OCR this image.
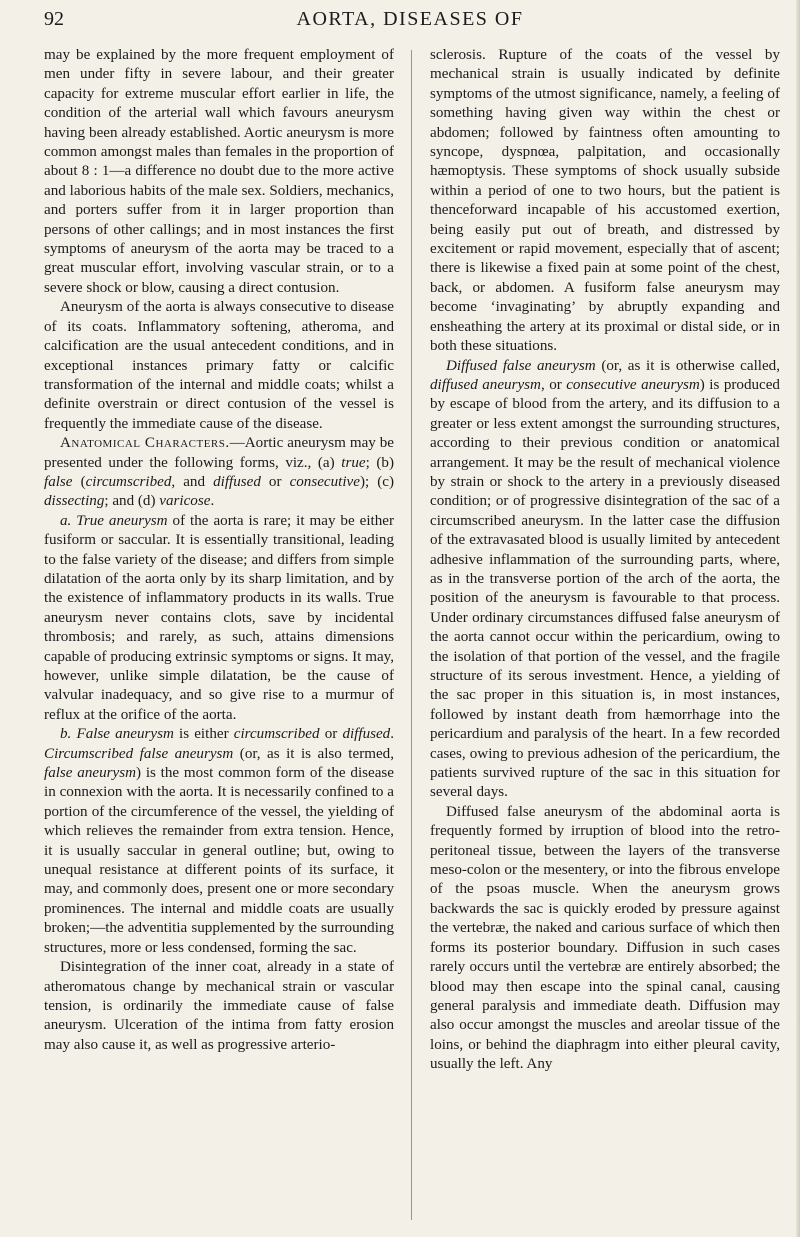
92	AORTA, DISEASES OF

may be explained by the more frequent employment of men under fifty in severe labour, and their greater capacity for extreme muscular effort earlier in life, the condition of the arterial wall which favours aneurysm having been already established. Aortic aneurysm is more common amongst males than females in the proportion of about 8 : 1—a difference no doubt due to the more active and laborious habits of the male sex. Soldiers, mechanics, and porters suffer from it in larger proportion than persons of other callings; and in most instances the first symptoms of aneurysm of the aorta may be traced to a great muscular effort, involving vascular strain, or to a severe shock or blow, causing a direct contusion.

Aneurysm of the aorta is always consecutive to disease of its coats. Inflammatory softening, atheroma, and calcification are the usual antecedent conditions, and in exceptional instances primary fatty or calcific transformation of the internal and middle coats; whilst a definite overstrain or direct contusion of the vessel is frequently the immediate cause of the disease.

Anatomical Characters.—Aortic aneurysm may be presented under the following forms, viz., (a) true; (b) false (circumscribed, and diffused or consecutive); (c) dissecting; and (d) varicose.

a. True aneurysm of the aorta is rare; it may be either fusiform or saccular. It is essentially transitional, leading to the false variety of the disease; and differs from simple dilatation of the aorta only by its sharp limitation, and by the existence of inflammatory products in its walls. True aneurysm never contains clots, save by incidental thrombosis; and rarely, as such, attains dimensions capable of producing extrinsic symptoms or signs. It may, however, unlike simple dilatation, be the cause of valvular inadequacy, and so give rise to a murmur of reflux at the orifice of the aorta.

b. False aneurysm is either circumscribed or diffused. Circumscribed false aneurysm (or, as it is also termed, false aneurysm) is the most common form of the disease in connexion with the aorta. It is necessarily confined to a portion of the circumference of the vessel, the yielding of which relieves the remainder from extra tension. Hence, it is usually saccular in general outline; but, owing to unequal resistance at different points of its surface, it may, and commonly does, present one or more secondary prominences. The internal and middle coats are usually broken;—the adventitia supplemented by the surrounding structures, more or less condensed, forming the sac.

Disintegration of the inner coat, already in a state of atheromatous change by mechanical strain or vascular tension, is ordinarily the immediate cause of false aneurysm. Ulceration of the intima from fatty erosion may also cause it, as well as progressive arterio-

sclerosis. Rupture of the coats of the vessel by mechanical strain is usually indicated by definite symptoms of the utmost significance, namely, a feeling of something having given way within the chest or abdomen; followed by faintness often amounting to syncope, dyspnœa, palpitation, and occasionally hæmoptysis. These symptoms of shock usually subside within a period of one to two hours, but the patient is thenceforward incapable of his accustomed exertion, being easily put out of breath, and distressed by excitement or rapid movement, especially that of ascent; there is likewise a fixed pain at some point of the chest, back, or abdomen. A fusiform false aneurysm may become ‘invaginating’ by abruptly expanding and ensheathing the artery at its proximal or distal side, or in both these situations.

Diffused false aneurysm (or, as it is otherwise called, diffused aneurysm, or consecutive aneurysm) is produced by escape of blood from the artery, and its diffusion to a greater or less extent amongst the surrounding structures, according to their previous condition or anatomical arrangement. It may be the result of mechanical violence by strain or shock to the artery in a previously diseased condition; or of progressive disintegration of the sac of a circumscribed aneurysm. In the latter case the diffusion of the extravasated blood is usually limited by antecedent adhesive inflammation of the surrounding parts, where, as in the transverse portion of the arch of the aorta, the position of the aneurysm is favourable to that process. Under ordinary circumstances diffused false aneurysm of the aorta cannot occur within the pericardium, owing to the isolation of that portion of the vessel, and the fragile structure of its serous investment. Hence, a yielding of the sac proper in this situation is, in most instances, followed by instant death from hæmorrhage into the pericardium and paralysis of the heart. In a few recorded cases, owing to previous adhesion of the pericardium, the patients survived rupture of the sac in this situation for several days.

Diffused false aneurysm of the abdominal aorta is frequently formed by irruption of blood into the retro-peritoneal tissue, between the layers of the transverse meso-colon or the mesentery, or into the fibrous envelope of the psoas muscle. When the aneurysm grows backwards the sac is quickly eroded by pressure against the vertebræ, the naked and carious surface of which then forms its posterior boundary. Diffusion in such cases rarely occurs until the vertebræ are entirely absorbed; the blood may then escape into the spinal canal, causing general paralysis and immediate death. Diffusion may also occur amongst the muscles and areolar tissue of the loins, or behind the diaphragm into either pleural cavity, usually the left. Any
